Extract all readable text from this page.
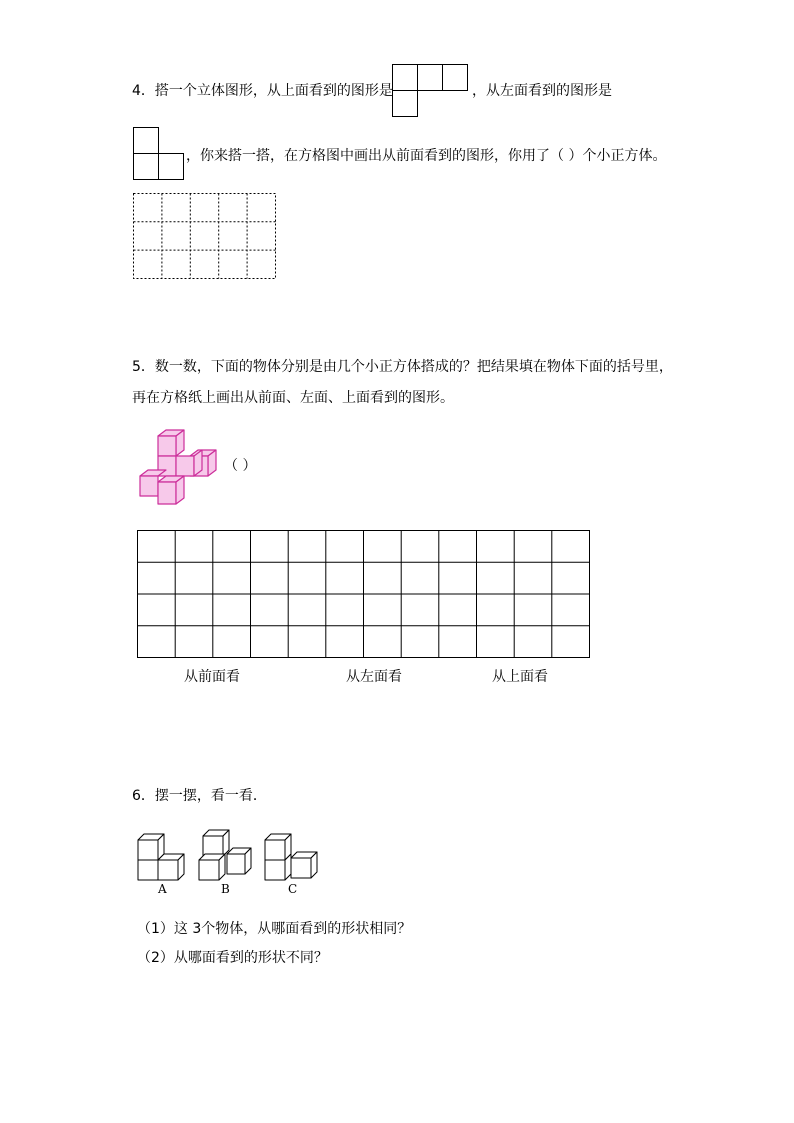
4．搭一个立体图形，从上面看到的图形是	，从左面看到的图形是
，你来搭一搭，在方格图中画出从前面看到的图形，你用了（ ）个小正方体。
5．数一数，下面的物体分别是由几个小正方体搭成的？把结果填在物体下面的括号里，
再在方格纸上画出从前面、左面、上面看到的图形。
（ ）
从前面看	从左面看	从上面看
6．摆一摆，看一看．
A	B	C
（1）这 3个物体，从哪面看到的形状相同？
（2）从哪面看到的形状不同？
